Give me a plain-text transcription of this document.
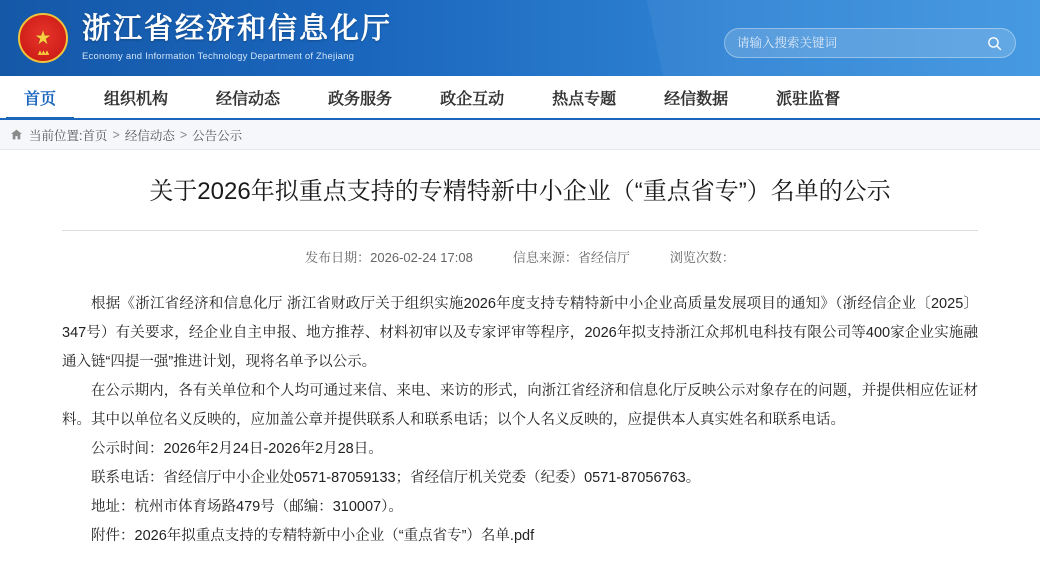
★
▴▴▴
浙江省经济和信息化厅
Economy and Information Technology Department of Zhejiang
请输入搜索关键词
首页	组织机构	经信动态	政务服务	政企互动	热点专题	经信数据	派驻监督
当前位置: 首页 > 经信动态 > 公告公示
关于2026年拟重点支持的专精特新中小企业（“重点省专”）名单的公示
发布日期：2026-02-24 17:08	信息来源：省经信厅	浏览次数：

根据《浙江省经济和信息化厅 浙江省财政厅关于组织实施2026年度支持专精特新中小企业高质量发展项目的通知》（浙经信企业〔2025〕347号）有关要求，经企业自主申报、地方推荐、材料初审以及专家评审等程序，2026年拟支持浙江众邦机电科技有限公司等400家企业实施融通入链“四提一强”推进计划，现将名单予以公示。

在公示期内，各有关单位和个人均可通过来信、来电、来访的形式，向浙江省经济和信息化厅反映公示对象存在的问题，并提供相应佐证材料。其中以单位名义反映的，应加盖公章并提供联系人和联系电话；以个人名义反映的，应提供本人真实姓名和联系电话。

公示时间：2026年2月24日-2026年2月28日。

联系电话：省经信厅中小企业处0571-87059133；省经信厅机关党委（纪委）0571-87056763。

地址：杭州市体育场路479号（邮编：310007）。

附件：2026年拟重点支持的专精特新中小企业（“重点省专”）名单.pdf
